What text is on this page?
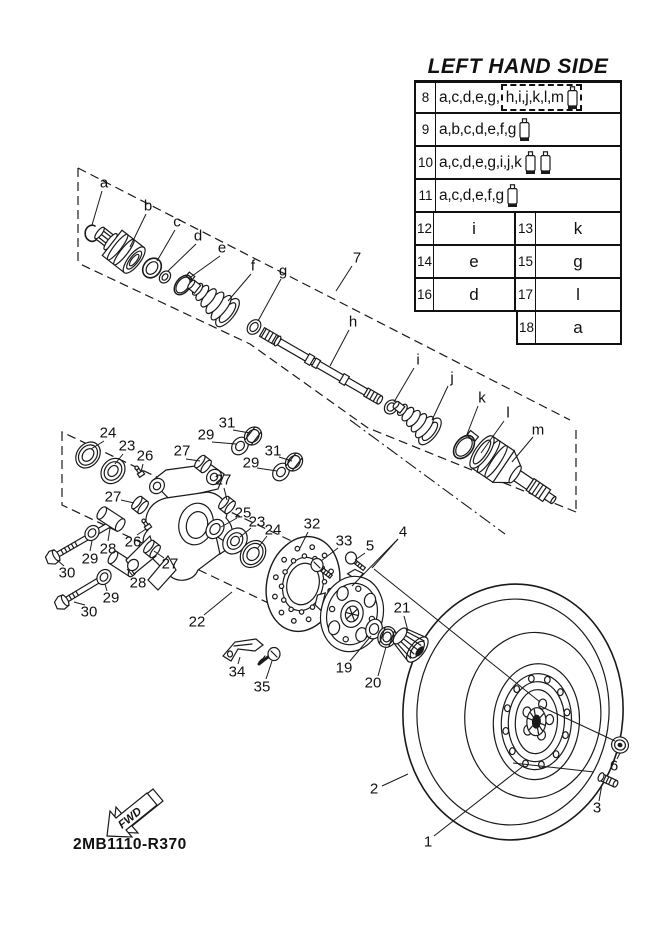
FWD
a
b
c
d
e
f g
7
h
i
j
k
l
m
24
23
26 27
29
31
29
31
27
25
23 24 32
27
26
28
29
30
27
28
29
30
22
33 5
4
21
19
20
34
35
2
1
3
6
LEFT HAND SIDE
8 a,c,d,e,g, h,i,j,k,l,m
9 a,b,c,d,e,f,g
10 a,c,d,e,g,i,j,k
11 a,c,d,e,f,g
12	i	13	k
14	e	15	g
16	d	17	l
18	a
2MB1110-R370
